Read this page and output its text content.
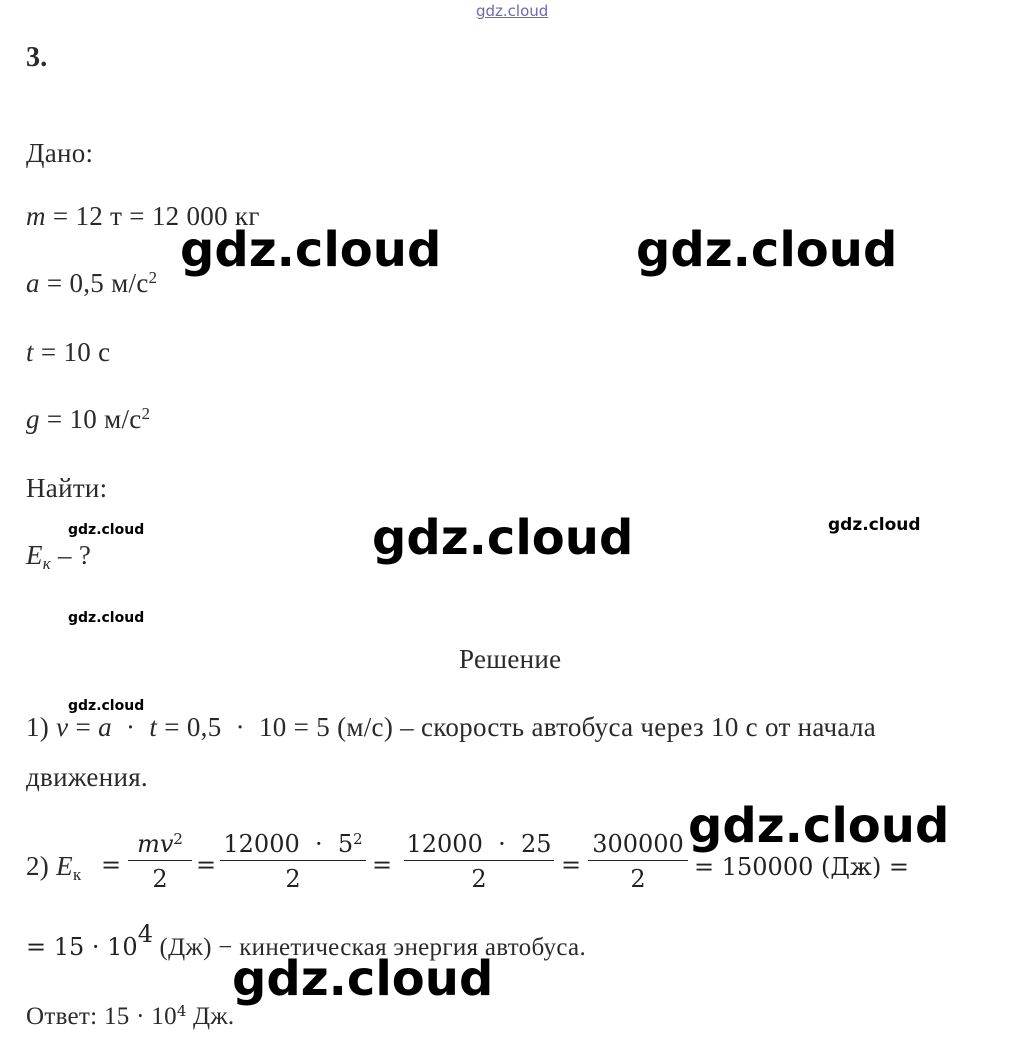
gdz.cloud
3.
Дано:
m = 12 т = 12 000 кг
a = 0,5 $м/с^2$
t = 10 с
g = 10 $м/с^2$
Найти:
$E_к$ – ?
Решение
1) v = a  ·  t = 0,5  ·  10 = 5 (м/с) – скорость автобуса через 10 с от начала
движения.
2) $E_к$ =
$mv^2$
2
=
$12000 \cdot 5^2$
2
=
12000  ·  25
2
=
300000
2 = 150000 (Дж) =
= $15 \cdot 10^4$ (Дж) − кинетическая энергия автобуса.
Ответ: $15 \cdot 10^4$ Дж.
gdz.cloud	gdz.cloud
gdz.cloud
gdz.cloud
gdz.cloud
gdz.cloud	gdz.cloud
gdz.cloud
gdz.cloud
